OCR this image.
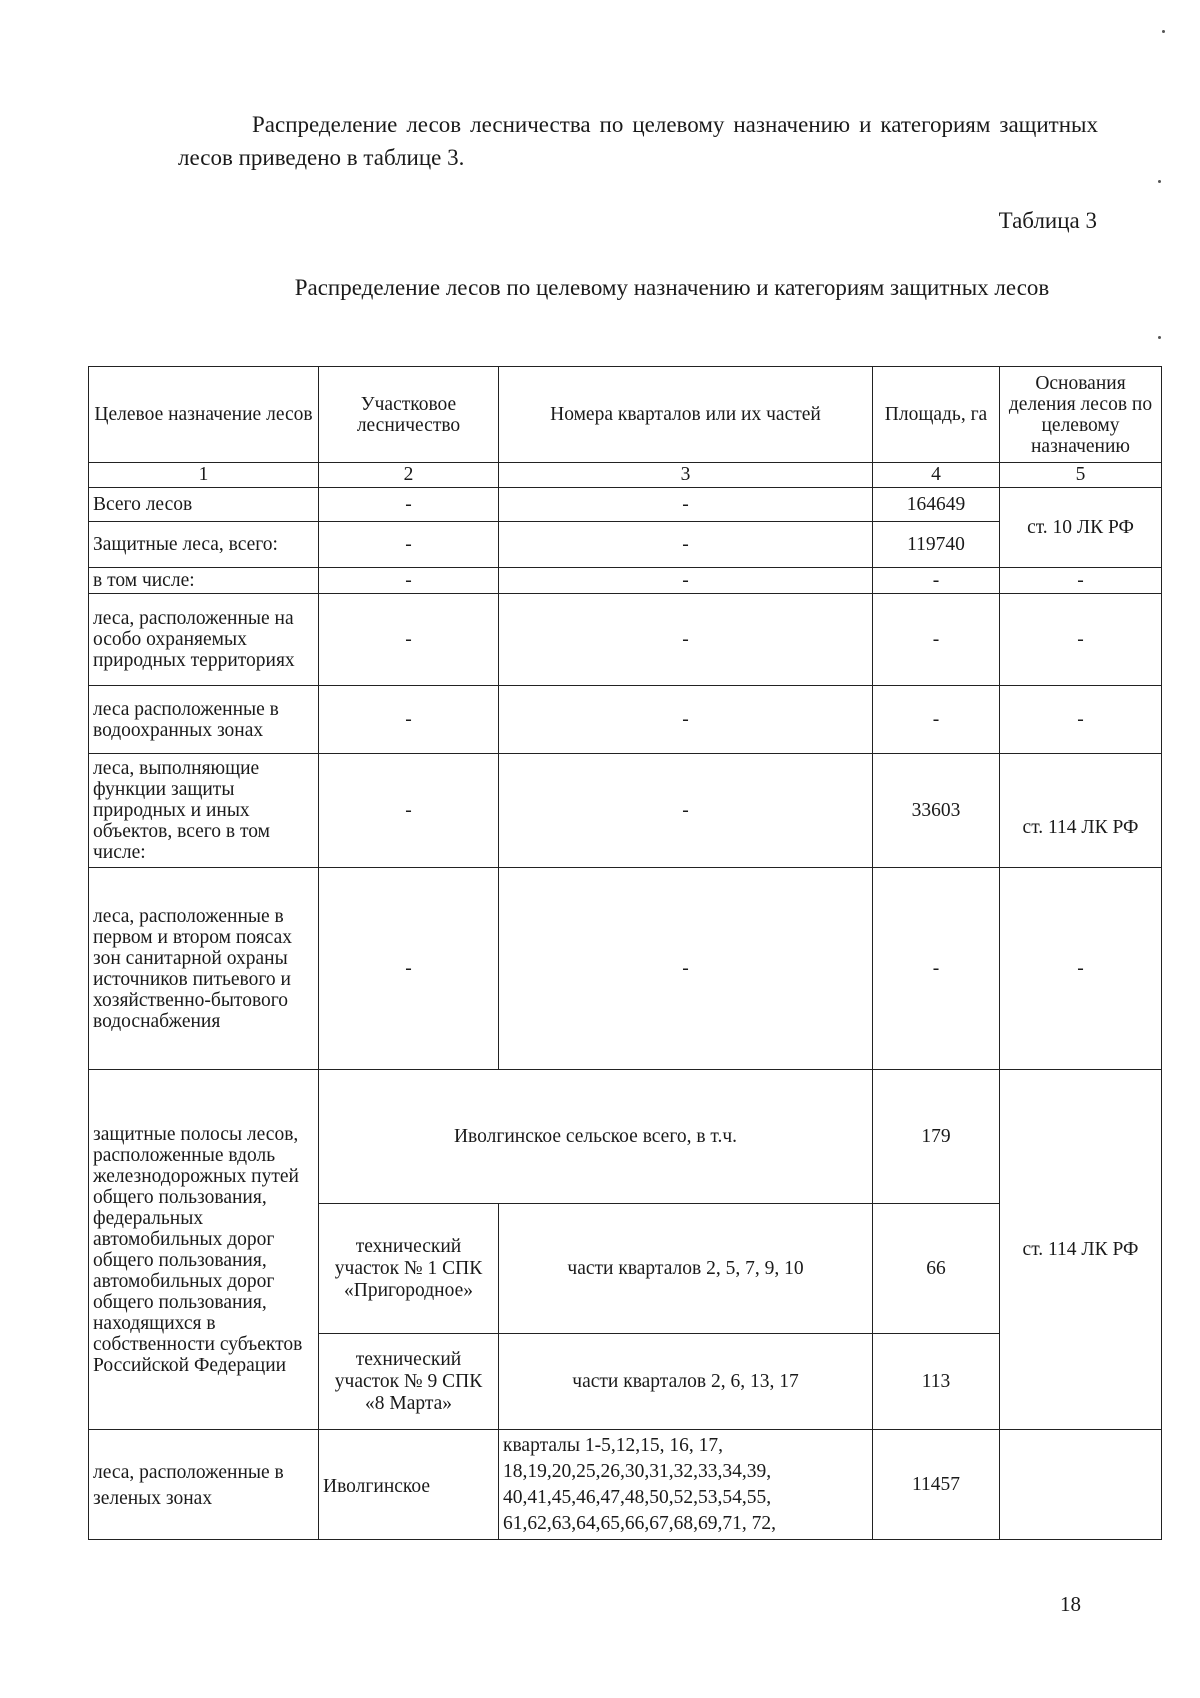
Распределение лесов лесничества по целевому назначению и категориям защитных лесов приведено в таблице 3.

Таблица 3
Распределение лесов по целевому назначению и категориям защитных лесов
Целевое назначение лесов	Участковое лесничество	Номера кварталов или их частей	Площадь, га	Основания деления лесов по целевому назначению
1	2	3	4	5
Всего лесов	-	-	164649	ст. 10 ЛК РФ
Защитные леса, всего:	-	-	119740	
в том числе:	-	-	-	-
леса, расположенные на особо охраняемых природных территориях	-	-	-	-
леса расположенные в водоохранных зонах	-	-	-	-
леса, выполняющие функции защиты природных и иных объектов, всего в том числе:	-	-	33603	ст. 114 ЛК РФ
леса, расположенные в первом и втором поясах зон санитарной охраны источников питьевого и хозяйственно-бытового водоснабжения	-	-	-	-
защитные полосы лесов, расположенные вдоль железнодорожных путей общего пользования, федеральных автомобильных дорог общего пользования, автомобильных дорог общего пользования, находящихся в собственности субъектов Российской Федерации	Иволгинское сельское всего, в т.ч.		179	ст. 114 ЛК РФ
	технический участок № 1 СПК «Пригородное»	части кварталов 2, 5, 7, 9, 10	66	
	технический участок № 9 СПК «8 Марта»	части кварталов 2, 6, 13, 17	113	
леса, расположенные в зеленых зонах	Иволгинское	кварталы 1-5,12,15, 16, 17, 18,19,20,25,26,30,31,32,33,34,39, 40,41,45,46,47,48,50,52,53,54,55, 61,62,63,64,65,66,67,68,69,71, 72,	11457	
18
